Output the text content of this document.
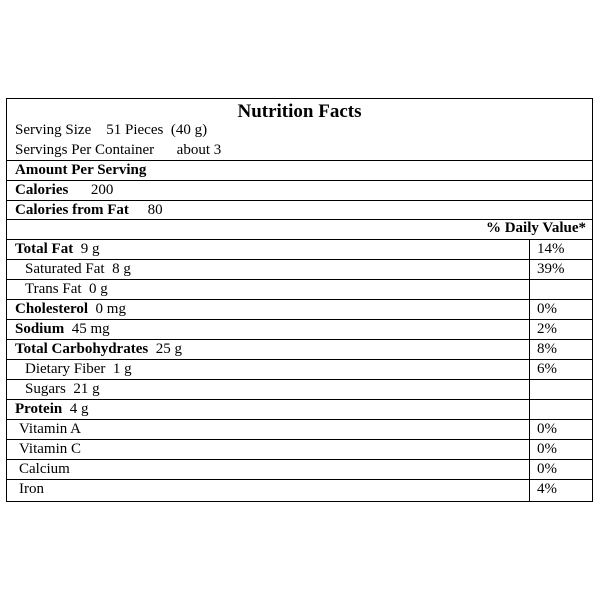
Nutrition Facts
Serving Size 51 Pieces  (40 g)
Servings Per Container about 3
Amount Per Serving
Calories 200
Calories from Fat 80
% Daily Value*
Total Fat 9 g	14%
Saturated Fat 8 g	39%
Trans Fat 0 g
Cholesterol 0 mg	0%
Sodium 45 mg	2%
Total Carbohydrates 25 g	8%
Dietary Fiber 1 g	6%
Sugars 21 g
Protein 4 g
Vitamin A	0%
Vitamin C	0%
Calcium	0%
Iron	4%
